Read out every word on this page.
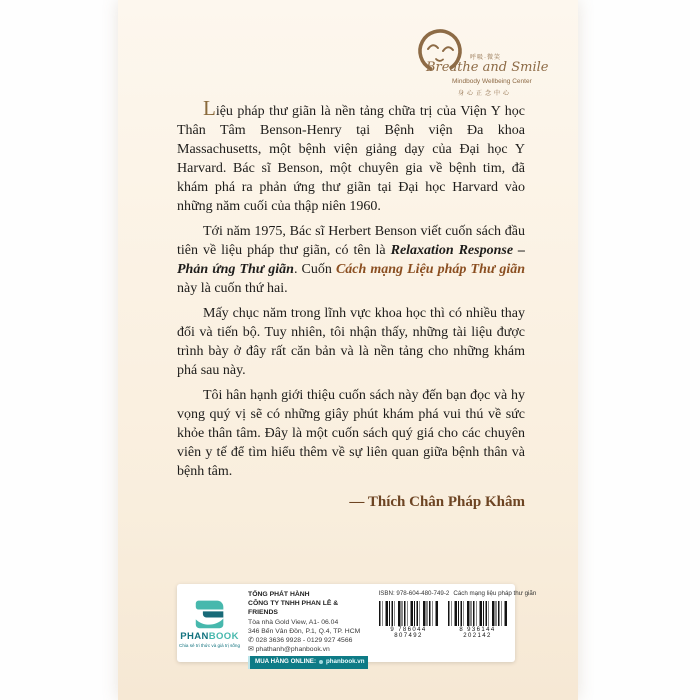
呼吸·微笑
Breathe and Smile
Mindbody Wellbeing Center
身心正念中心

Liệu pháp thư giãn là nền tảng chữa trị của Viện Y học Thân Tâm Benson-Henry tại Bệnh viện Đa khoa Massachusetts, một bệnh viện giảng dạy của Đại học Y Harvard. Bác sĩ Benson, một chuyên gia về bệnh tim, đã khám phá ra phản ứng thư giãn tại Đại học Harvard vào những năm cuối của thập niên 1960.

Tới năm 1975, Bác sĩ Herbert Benson viết cuốn sách đầu tiên về liệu pháp thư giãn, có tên là Relaxation Response – Phản ứng Thư giãn. Cuốn Cách mạng Liệu pháp Thư giãn này là cuốn thứ hai.

Mấy chục năm trong lĩnh vực khoa học thì có nhiều thay đổi và tiến bộ. Tuy nhiên, tôi nhận thấy, những tài liệu được trình bày ở đây rất căn bản và là nền tảng cho những khám phá sau này.

Tôi hân hạnh giới thiệu cuốn sách này đến bạn đọc và hy vọng quý vị sẽ có những giây phút khám phá vui thú về sức khỏe thân tâm. Đây là một cuốn sách quý giá cho các chuyên viên y tế để tìm hiểu thêm về sự liên quan giữa bệnh thân và bệnh tâm.

— Thích Chân Pháp Khâm
PHANBOOK
Chia sẻ tri thức và giá trị sống
TỔNG PHÁT HÀNH
CÔNG TY TNHH PHAN LÊ & FRIENDS
Tòa nhà Gold View, A1- 06.04
346 Bến Vân Đồn, P.1, Q.4, TP. HCM
✆ 028 3636 9928 - 0129 927 4566
✉ phathanh@phanbook.vn
MUA HÀNG ONLINE: phanbook.vn
ISBN: 978-604-480-749-2 Cách mạng liệu pháp thư giãn
9 786044 807492
8 936144 202142
